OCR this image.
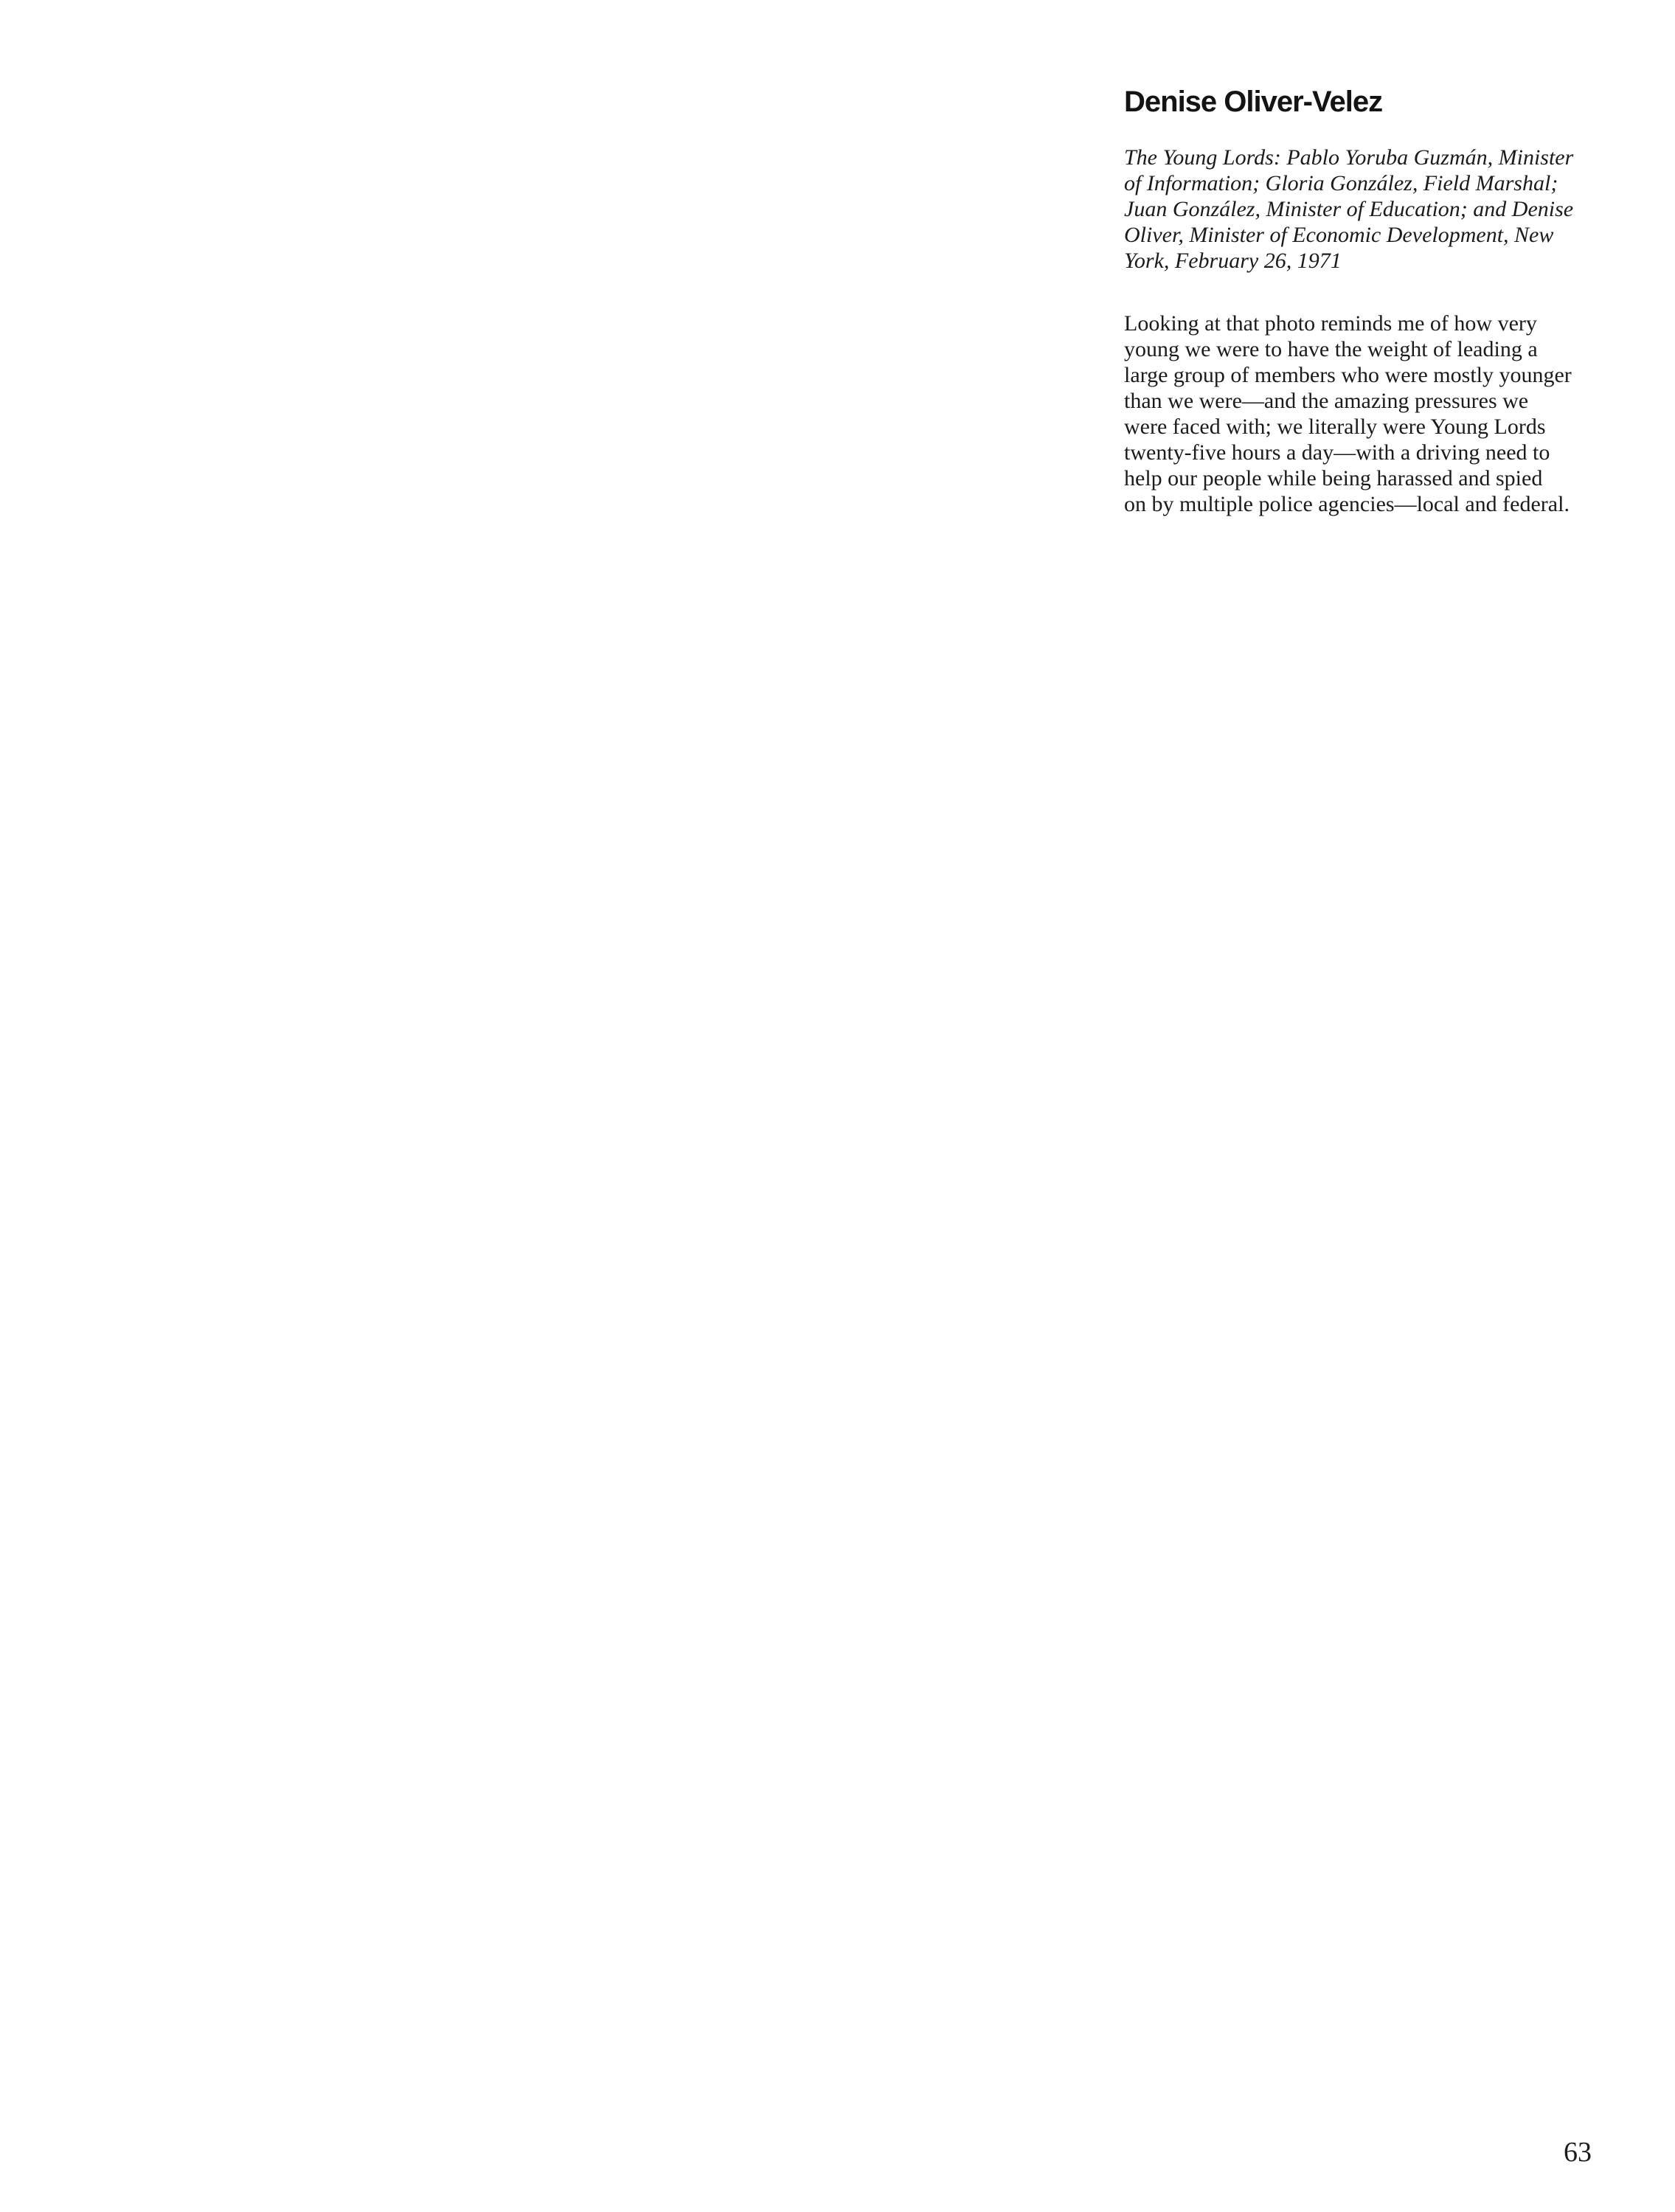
Denise Oliver-Velez

The Young Lords: Pablo Yoruba Guzmán, Minister
of Information; Gloria González, Field Marshal;
Juan González, Minister of Education; and Denise
Oliver, Minister of Economic Development, New
York, February 26, 1971

Looking at that photo reminds me of how very
young we were to have the weight of leading a
large group of members who were mostly younger
than we were—and the amazing pressures we
were faced with; we literally were Young Lords
twenty-five hours a day—with a driving need to
help our people while being harassed and spied
on by multiple police agencies—local and federal.

63
